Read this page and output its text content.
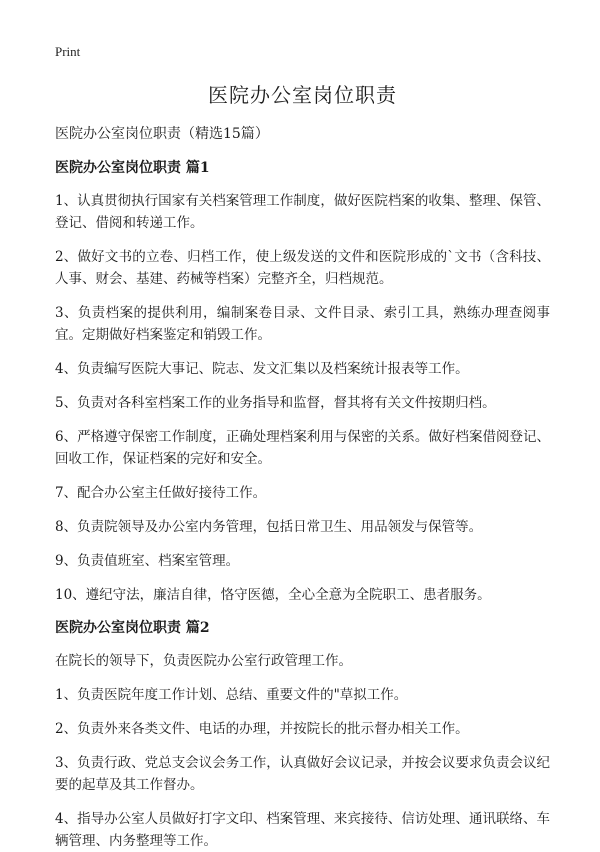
Print
医院办公室岗位职责
医院办公室岗位职责（精选15篇）
医院办公室岗位职责 篇1

1、认真贯彻执行国家有关档案管理工作制度，做好医院档案的收集、整理、保管、登记、借阅和转递工作。

2、做好文书的立卷、归档工作，使上级发送的文件和医院形成的`文书（含科技、人事、财会、基建、药械等档案）完整齐全，归档规范。

3、负责档案的提供利用，编制案卷目录、文件目录、索引工具，熟练办理查阅事宜。定期做好档案鉴定和销毁工作。

4、负责编写医院大事记、院志、发文汇集以及档案统计报表等工作。

5、负责对各科室档案工作的业务指导和监督，督其将有关文件按期归档。

6、严格遵守保密工作制度，正确处理档案利用与保密的关系。做好档案借阅登记、回收工作，保证档案的完好和安全。

7、配合办公室主任做好接待工作。

8、负责院领导及办公室内务管理，包括日常卫生、用品领发与保管等。

9、负责值班室、档案室管理。

10、遵纪守法，廉洁自律，恪守医德，全心全意为全院职工、患者服务。

医院办公室岗位职责 篇2

在院长的领导下，负责医院办公室行政管理工作。

1、负责医院年度工作计划、总结、重要文件的"草拟工作。

2、负责外来各类文件、电话的办理，并按院长的批示督办相关工作。

3、负责行政、党总支会议会务工作，认真做好会议记录，并按会议要求负责会议纪要的起草及其工作督办。

4、指导办公室人员做好打字文印、档案管理、来宾接待、信访处理、通讯联络、车辆管理、内务整理等工作。
